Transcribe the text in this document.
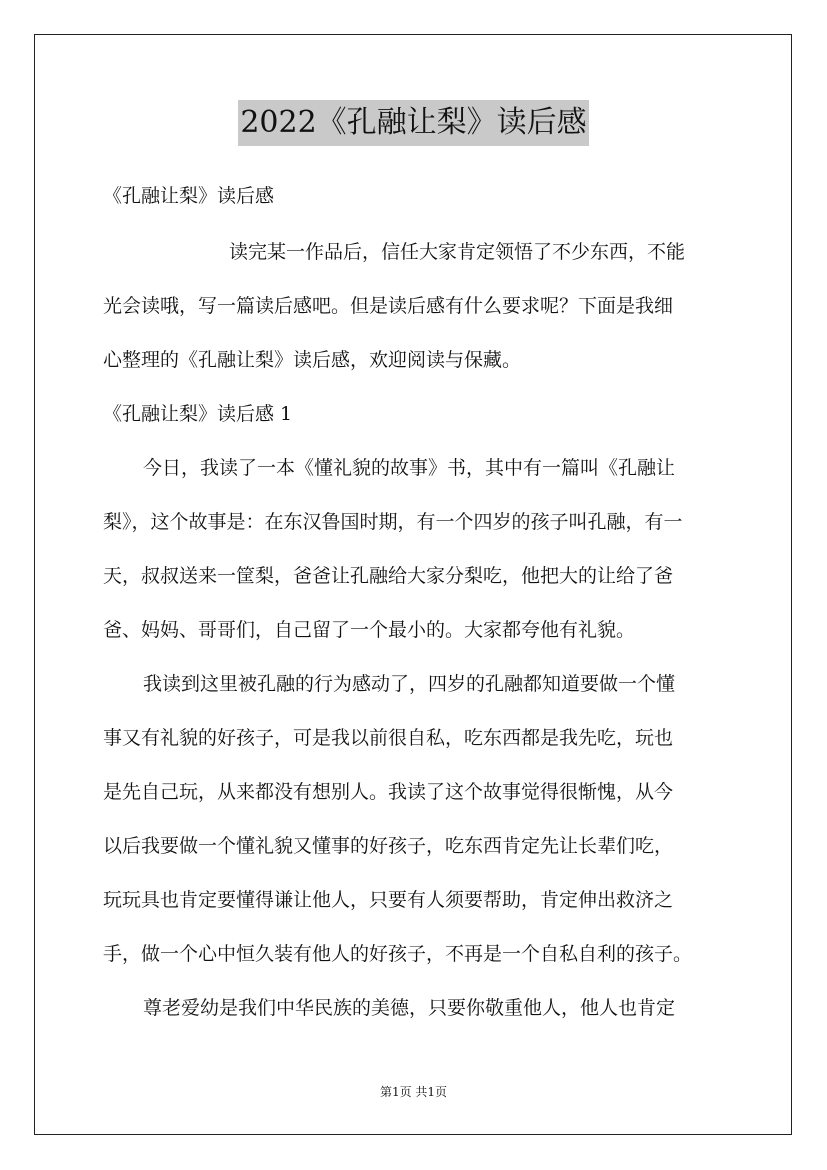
2022《孔融让梨》读后感
《孔融让梨》读后感
读完某一作品后，信任大家肯定领悟了不少东西，不能
光会读哦，写一篇读后感吧。但是读后感有什么要求呢？下面是我细
心整理的《孔融让梨》读后感，欢迎阅读与保藏。
《孔融让梨》读后感 1
今日，我读了一本《懂礼貌的故事》书，其中有一篇叫《孔融让
梨》，这个故事是：在东汉鲁国时期，有一个四岁的孩子叫孔融，有一
天，叔叔送来一筐梨，爸爸让孔融给大家分梨吃，他把大的让给了爸
爸、妈妈、哥哥们，自己留了一个最小的。大家都夸他有礼貌。
我读到这里被孔融的行为感动了，四岁的孔融都知道要做一个懂
事又有礼貌的好孩子，可是我以前很自私，吃东西都是我先吃，玩也
是先自己玩，从来都没有想别人。我读了这个故事觉得很惭愧，从今
以后我要做一个懂礼貌又懂事的好孩子，吃东西肯定先让长辈们吃，
玩玩具也肯定要懂得谦让他人，只要有人须要帮助，肯定伸出救济之
手，做一个心中恒久装有他人的好孩子，不再是一个自私自利的孩子。
尊老爱幼是我们中华民族的美德，只要你敬重他人，他人也肯定
第1页 共1页
